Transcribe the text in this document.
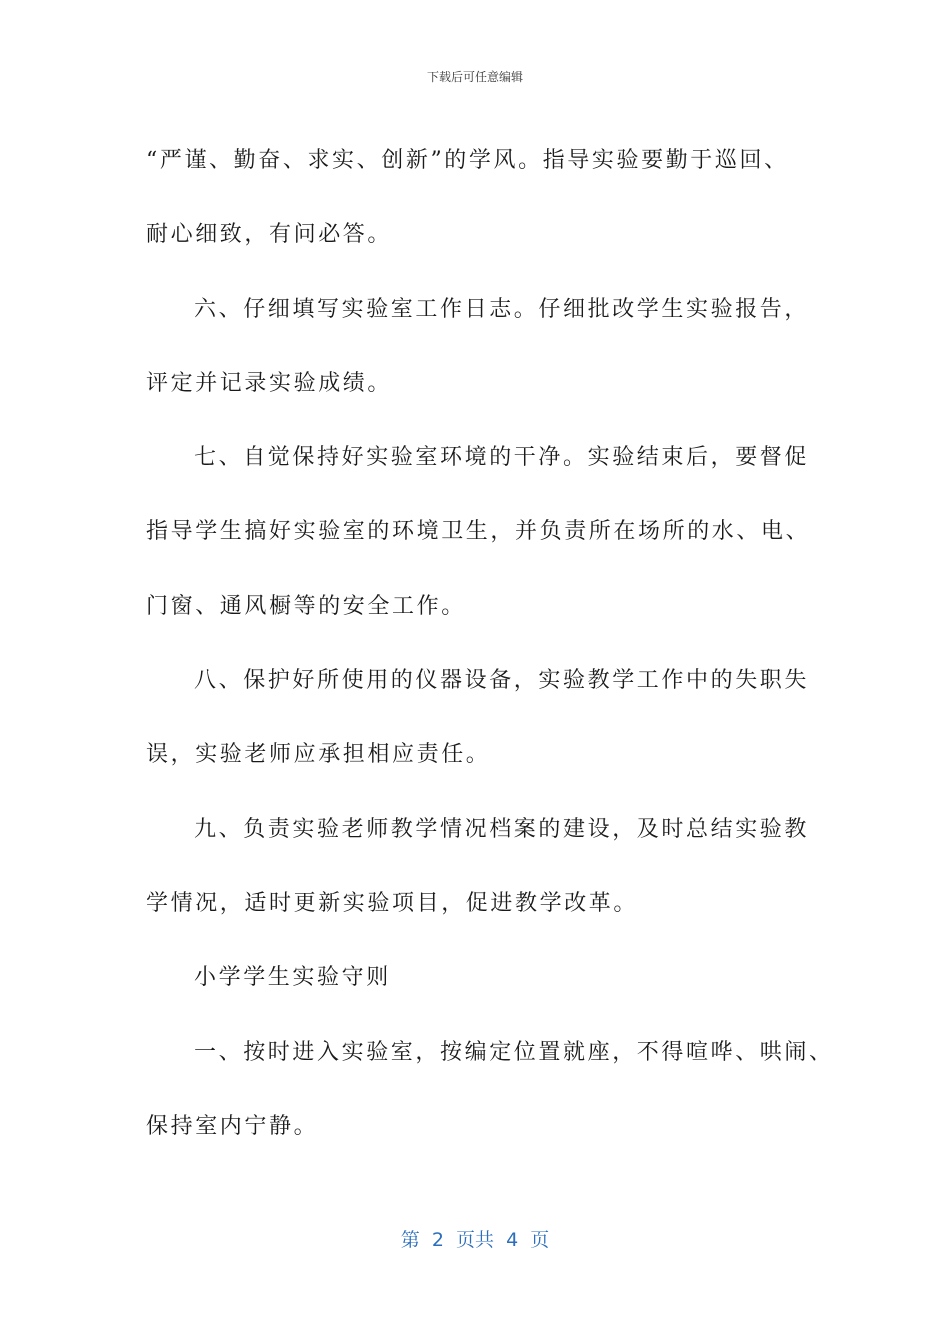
下载后可任意编辑
“严谨、勤奋、求实、创新”的学风。指导实验要勤于巡回、
耐心细致，有问必答。
六、仔细填写实验室工作日志。仔细批改学生实验报告，
评定并记录实验成绩。
七、自觉保持好实验室环境的干净。实验结束后，要督促
指导学生搞好实验室的环境卫生，并负责所在场所的水、电、
门窗、通风橱等的安全工作。
八、保护好所使用的仪器设备，实验教学工作中的失职失
误，实验老师应承担相应责任。
九、负责实验老师教学情况档案的建设，及时总结实验教
学情况，适时更新实验项目，促进教学改革。
小学学生实验守则
一、按时进入实验室，按编定位置就座，不得喧哗、哄闹、
保持室内宁静。
第  2  页共  4  页
